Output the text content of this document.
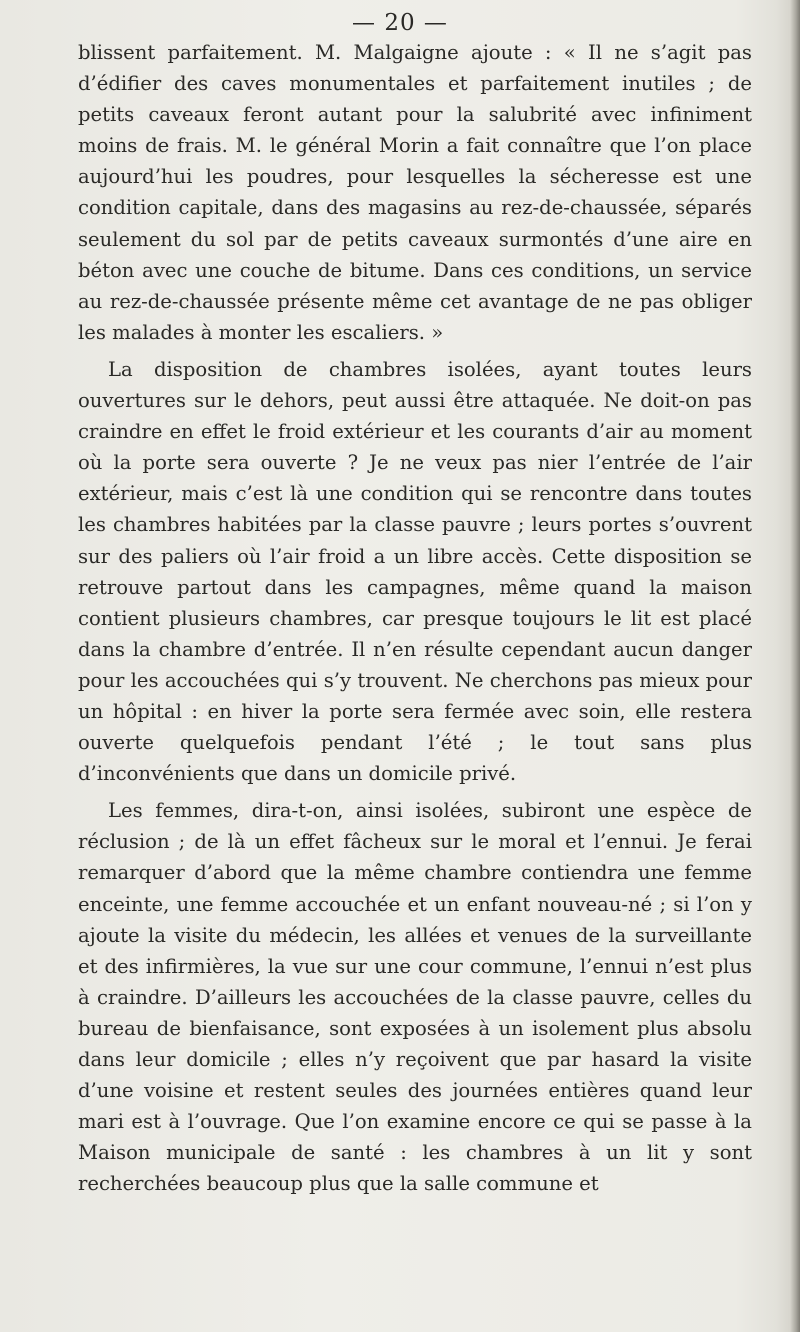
— 20 —

blissent parfaitement. M. Malgaigne ajoute : « Il ne s’agit pas d’édifier des caves monumentales et parfaitement inutiles ; de petits caveaux feront autant pour la salubrité avec infiniment moins de frais. M. le général Morin a fait connaître que l’on place aujourd’hui les poudres, pour lesquelles la sécheresse est une condition capitale, dans des magasins au rez-de-chaussée, séparés seulement du sol par de petits caveaux surmontés d’une aire en béton avec une couche de bitume. Dans ces conditions, un service au rez-de-chaussée présente même cet avantage de ne pas obliger les malades à monter les escaliers. »

La disposition de chambres isolées, ayant toutes leurs ouvertures sur le dehors, peut aussi être attaquée. Ne doit-on pas craindre en effet le froid extérieur et les courants d’air au moment où la porte sera ouverte ? Je ne veux pas nier l’entrée de l’air extérieur, mais c’est là une condition qui se rencontre dans toutes les chambres habitées par la classe pauvre ; leurs portes s’ouvrent sur des paliers où l’air froid a un libre accès. Cette disposition se retrouve partout dans les campagnes, même quand la maison contient plusieurs chambres, car presque toujours le lit est placé dans la chambre d’entrée. Il n’en résulte cependant aucun danger pour les accouchées qui s’y trouvent. Ne cherchons pas mieux pour un hôpital : en hiver la porte sera fermée avec soin, elle restera ouverte quelquefois pendant l’été ; le tout sans plus d’inconvénients que dans un domicile privé.

Les femmes, dira-t-on, ainsi isolées, subiront une espèce de réclusion ; de là un effet fâcheux sur le moral et l’ennui. Je ferai remarquer d’abord que la même chambre contiendra une femme enceinte, une femme accouchée et un enfant nouveau-né ; si l’on y ajoute la visite du médecin, les allées et venues de la surveillante et des infirmières, la vue sur une cour commune, l’ennui n’est plus à craindre. D’ailleurs les accouchées de la classe pauvre, celles du bureau de bienfaisance, sont exposées à un isolement plus absolu dans leur domicile ; elles n’y reçoivent que par hasard la visite d’une voisine et restent seules des journées entières quand leur mari est à l’ouvrage. Que l’on examine encore ce qui se passe à la Maison municipale de santé : les chambres à un lit y sont recherchées beaucoup plus que la salle commune et
